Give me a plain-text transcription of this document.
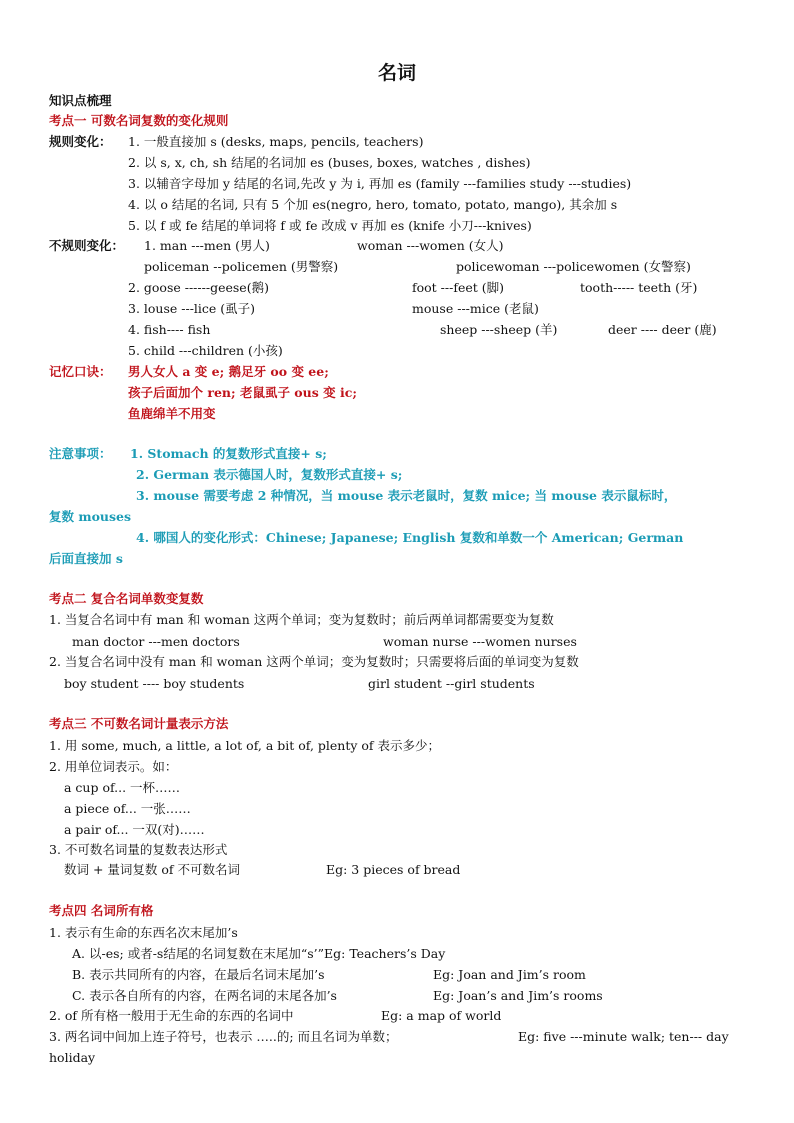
名词
知识点梳理
考点一 可数名词复数的变化规则
规则变化： 1. 一般直接加 s (desks, maps, pencils, teachers)
2. 以 s, x, ch, sh 结尾的名词加 es (buses, boxes, watches , dishes)
3. 以辅音字母加 y 结尾的名词,先改 y 为 i, 再加 es (family ---families study ---studies)
4. 以 o 结尾的名词, 只有 5 个加 es(negro, hero, tomato, potato, mango), 其余加 s
5. 以 f 或 fe 结尾的单词将 f 或 fe 改成 v 再加 es (knife 小刀---knives)
不规则变化： 1. man ---men (男人)	woman ---women (女人)
policeman --policemen (男警察)	policewoman ---policewomen (女警察)
2. goose ------geese(鹅)	foot ---feet (脚)	tooth----- teeth (牙)
3. louse ---lice (虱子)	mouse ---mice (老鼠)
4. fish---- fish	sheep ---sheep (羊)	deer ---- deer (鹿)
5. child ---children (小孩)
记忆口诀： 男人女人 a 变 e; 鹅足牙 oo 变 ee;
孩子后面加个 ren; 老鼠虱子 ous 变 ic;
鱼鹿绵羊不用变
注意事项： 1. Stomach 的复数形式直接+ s;
2. German 表示德国人时，复数形式直接+ s;
3. mouse 需要考虑 2 种情况，当 mouse 表示老鼠时，复数 mice; 当 mouse 表示鼠标时，
复数 mouses
4. 哪国人的变化形式：Chinese; Japanese; English 复数和单数一个 American; German
后面直接加 s
考点二 复合名词单数变复数
1. 当复合名词中有 man 和 woman 这两个单词；变为复数时；前后两单词都需要变为复数
man doctor ---men doctors	woman nurse ---women nurses
2. 当复合名词中没有 man 和 woman 这两个单词；变为复数时；只需要将后面的单词变为复数
boy student ---- boy students	girl student --girl students
考点三 不可数名词计量表示方法
1. 用 some, much, a little, a lot of, a bit of, plenty of 表示多少；
2. 用单位词表示。如：
a cup of... 一杯……
a piece of... 一张……
a pair of... 一双(对)……
3. 不可数名词量的复数表达形式
数词 + 量词复数 of 不可数名词	Eg: 3 pieces of bread
考点四 名词所有格
1. 表示有生命的东西名次末尾加’s
A. 以-es; 或者-s结尾的名词复数在末尾加“s’”Eg: Teachers’s Day
B. 表示共同所有的内容，在最后名词末尾加’s	Eg: Joan and Jim’s room
C. 表示各自所有的内容，在两名词的末尾各加’s	Eg: Joan’s and Jim’s rooms
2. of 所有格一般用于无生命的东西的名词中	Eg: a map of world
3. 两名词中间加上连子符号，也表示 …..的; 而且名词为单数；	Eg: five ---minute walk; ten--- day
holiday
